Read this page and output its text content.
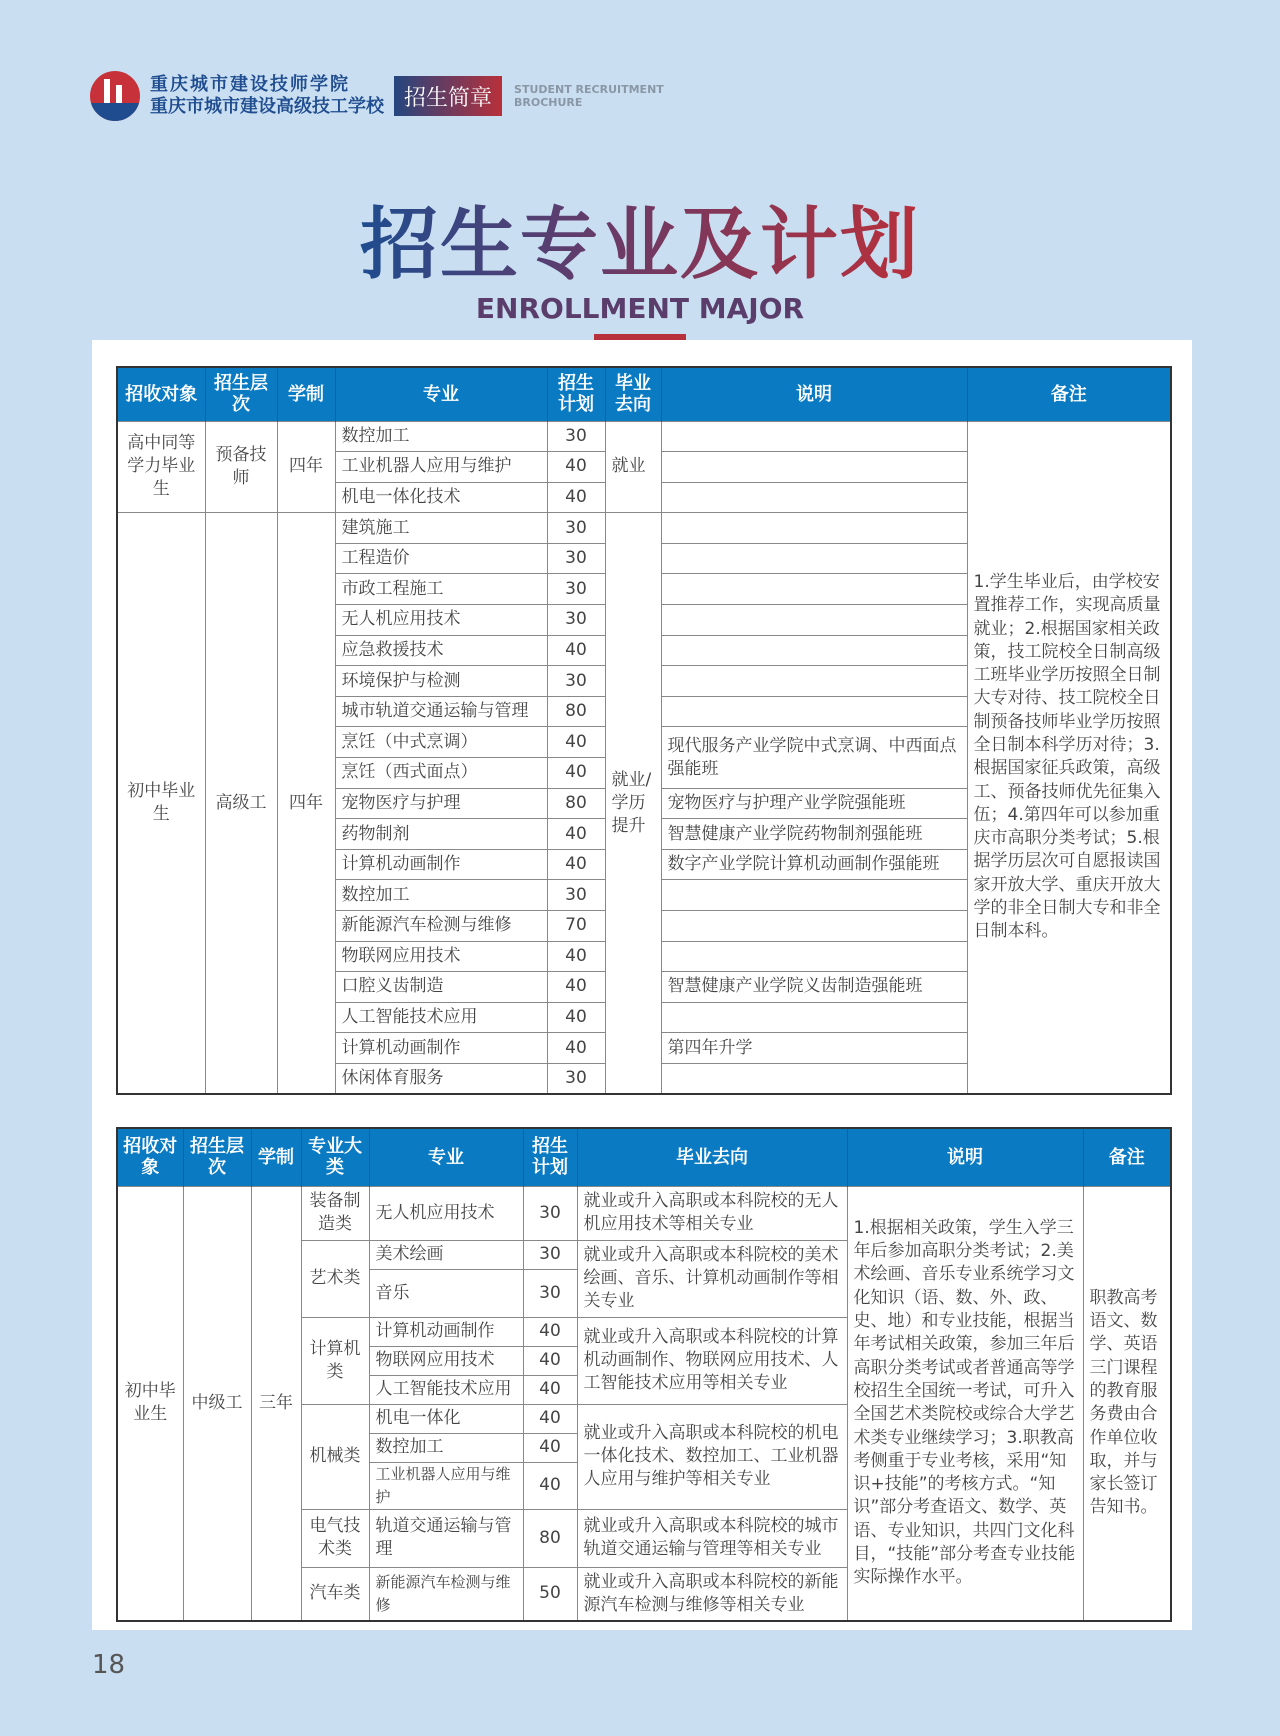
重庆城市建设技师学院
重庆市城市建设高级技工学校 招生简章	STUDENT RECRUITMENT
BROCHURE
招生专业及计划
ENROLLMENT MAJOR
招收对象	招生层次	学制	专业	招生计划	毕业去向	说明	备注
高中同等学力毕业生	预备技师	四年	数控加工	30	就业		1.学生毕业后，由学校安置推荐工作，实现高质量就业；2.根据国家相关政策，技工院校全日制高级工班毕业学历按照全日制大专对待、技工院校全日制预备技师毕业学历按照全日制本科学历对待；3.根据国家征兵政策，高级工、预备技师优先征集入伍；4.第四年可以参加重庆市高职分类考试；5.根据学历层次可自愿报读国家开放大学、重庆开放大学的非全日制大专和非全日制本科。
			工业机器人应用与维护	40			
			机电一体化技术	40			
初中毕业生	高级工	四年	建筑施工	30	就业/学历提升		
			工程造价	30			
			市政工程施工	30			
			无人机应用技术	30			
			应急救援技术	40			
			环境保护与检测	30			
			城市轨道交通运输与管理	80			
			烹饪（中式烹调）	40		现代服务产业学院中式烹调、中西面点强能班	
			烹饪（西式面点）	40			
			宠物医疗与护理	80		宠物医疗与护理产业学院强能班	
			药物制剂	40		智慧健康产业学院药物制剂强能班	
			计算机动画制作	40		数字产业学院计算机动画制作强能班	
			数控加工	30			
			新能源汽车检测与维修	70			
			物联网应用技术	40			
			口腔义齿制造	40		智慧健康产业学院义齿制造强能班	
			人工智能技术应用	40			
			计算机动画制作	40		第四年升学	
			休闲体育服务	30			
招收对象	招生层次	学制	专业大类	专业	招生计划	毕业去向	说明	备注
初中毕业生	中级工	三年	装备制造类	无人机应用技术	30	就业或升入高职或本科院校的无人机应用技术等相关专业	1.根据相关政策，学生入学三年后参加高职分类考试；2.美术绘画、音乐专业系统学习文化知识（语、数、外、政、史、地）和专业技能，根据当年考试相关政策，参加三年后高职分类考试或者普通高等学校招生全国统一考试，可升入全国艺术类院校或综合大学艺术类专业继续学习；3.职教高考侧重于专业考核，采用“知识+技能”的考核方式。“知识”部分考查语文、数学、英语、专业知识，共四门文化科目，“技能”部分考查专业技能实际操作水平。	职教高考语文、数学、英语三门课程的教育服务费由合作单位收取，并与家长签订告知书。
			艺术类	美术绘画	30	就业或升入高职或本科院校的美术绘画、音乐、计算机动画制作等相关专业		
				音乐	30			
			计算机类	计算机动画制作	40	就业或升入高职或本科院校的计算机动画制作、物联网应用技术、人工智能技术应用等相关专业		
				物联网应用技术	40			
				人工智能技术应用	40			
			机械类	机电一体化	40	就业或升入高职或本科院校的机电一体化技术、数控加工、工业机器人应用与维护等相关专业		
				数控加工	40			
				工业机器人应用与维护	40			
			电气技术类	轨道交通运输与管理	80	就业或升入高职或本科院校的城市轨道交通运输与管理等相关专业		
			汽车类	新能源汽车检测与维修	50	就业或升入高职或本科院校的新能源汽车检测与维修等相关专业		
18
